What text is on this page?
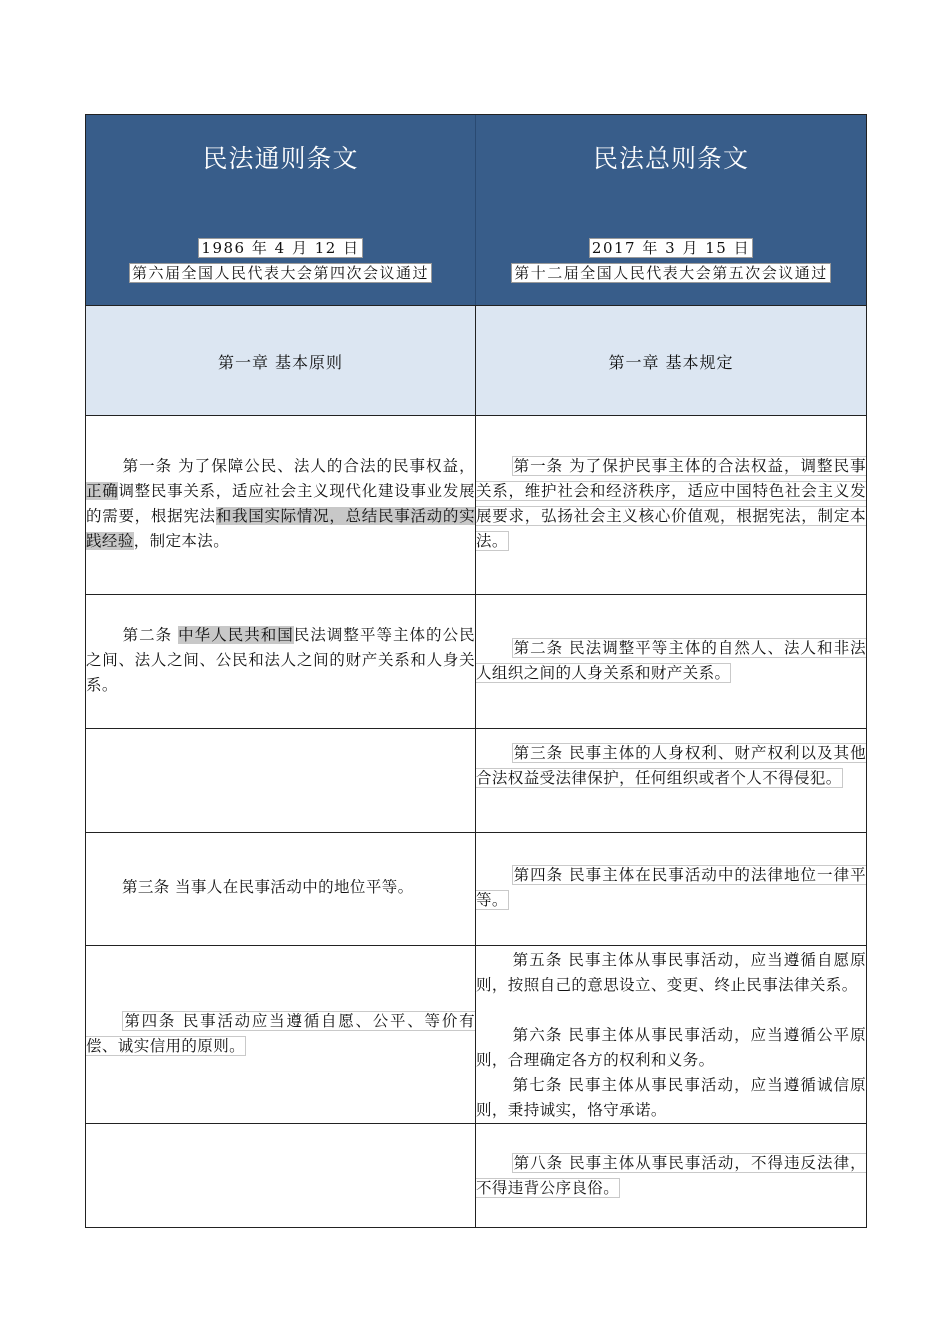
民法通则条文
1986 年 4 月 12 日
第六届全国人民代表大会第四次会议通过
民法总则条文
2017 年 3 月 15 日
第十二届全国人民代表大会第五次会议通过
第一章 基本原则	第一章 基本规定
第一条 为了保障公民、法人的合法的民事权益，正确调整民事关系，适应社会主义现代化建设事业发展的需要，根据宪法和我国实际情况，总结民事活动的实践经验，制定本法。
第一条 为了保护民事主体的合法权益，调整民事关系，维护社会和经济秩序，适应中国特色社会主义发展要求，弘扬社会主义核心价值观，根据宪法，制定本法。
第二条 中华人民共和国民法调整平等主体的公民之间、法人之间、公民和法人之间的财产关系和人身关系。
第二条 民法调整平等主体的自然人、法人和非法人组织之间的人身关系和财产关系。
第三条 民事主体的人身权利、财产权利以及其他合法权益受法律保护，任何组织或者个人不得侵犯。
第三条 当事人在民事活动中的地位平等。
第四条 民事主体在民事活动中的法律地位一律平等。
第四条 民事活动应当遵循自愿、公平、等价有偿、诚实信用的原则。
第五条 民事主体从事民事活动，应当遵循自愿原则，按照自己的意思设立、变更、终止民事法律关系。
第六条 民事主体从事民事活动，应当遵循公平原则，合理确定各方的权利和义务。
第七条 民事主体从事民事活动，应当遵循诚信原则，秉持诚实，恪守承诺。
第八条 民事主体从事民事活动，不得违反法律，不得违背公序良俗。
